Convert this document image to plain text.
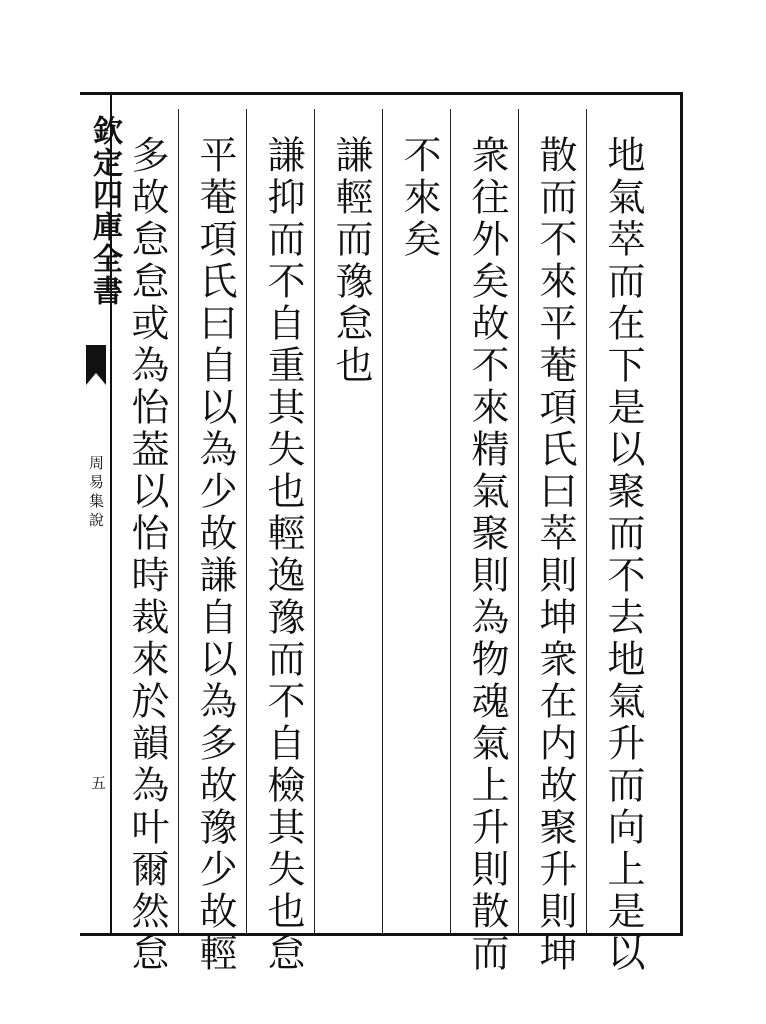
欽定四庫全書
周易集說
五	地氣萃而在下是以聚而不去地氣升而向上是以
散而不來平菴項氏曰萃則坤衆在内故聚升則坤
衆往外矣故不來精氣聚則為物魂氣上升則散而
不來矣
謙輕而豫怠也
謙抑而不自重其失也輕逸豫而不自檢其失也怠
平菴項氏曰自以為少故謙自以為多故豫少故輕
多故怠怠或為怡葢以怡時裁來於韻為叶爾然怠
